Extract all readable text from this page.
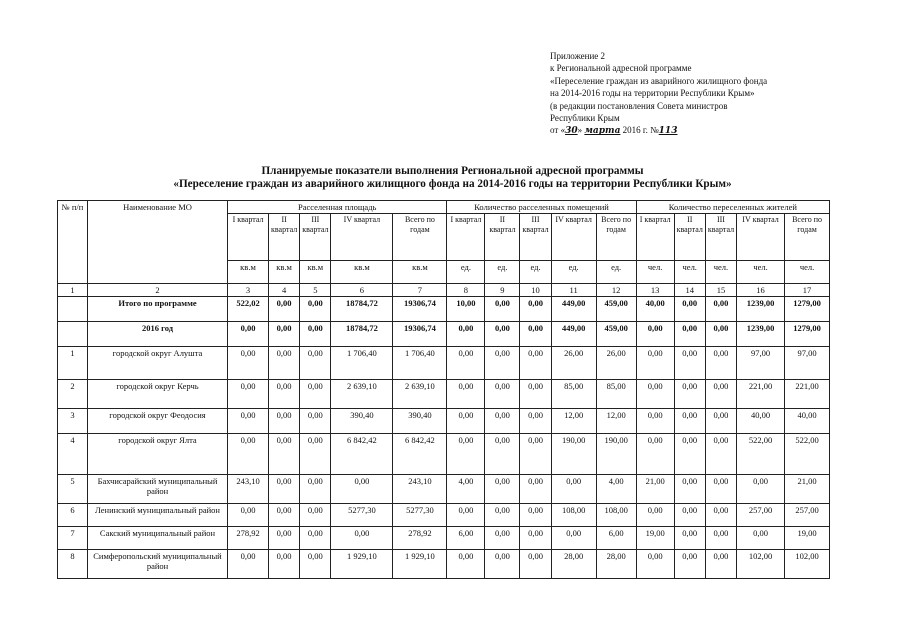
Приложение 2
к Региональной адресной программе
«Переселение граждан из аварийного жилищного фонда
на 2014-2016 годы на территории Республики Крым»
(в редакции постановления Совета министров
Республики Крым
от «30» марта 2016 г. №113
Планируемые показатели выполнения Региональной адресной программы
«Переселение граждан из аварийного жилищного фонда на 2014-2016 годы на территории Республики Крым»
№ п/п	Наименование МО	Расселенная площадь					Количество расселенных помещений					Количество переселенных жителей				
		I квартал	II квартал	III квартал	IV квартал	Всего по годам	I квартал	II квартал	III квартал	IV квартал	Всего по годам	I квартал	II квартал	III квартал	IV квартал	Всего по годам
		кв.м	кв.м	кв.м	кв.м	кв.м	ед.	ед.	ед.	ед.	ед.	чел.	чел.	чел.	чел.	чел.
1	2	3	4	5	6	7	8	9	10	11	12	13	14	15	16	17
	Итого по программе	522,02	0,00	0,00	18784,72	19306,74	10,00	0,00	0,00	449,00	459,00	40,00	0,00	0,00	1239,00	1279,00
	2016 год	0,00	0,00	0,00	18784,72	19306,74	0,00	0,00	0,00	449,00	459,00	0,00	0,00	0,00	1239,00	1279,00
1	городской округ Алушта	0,00	0,00	0,00	1 706,40	1 706,40	0,00	0,00	0,00	26,00	26,00	0,00	0,00	0,00	97,00	97,00
2	городской округ Керчь	0,00	0,00	0,00	2 639,10	2 639,10	0,00	0,00	0,00	85,00	85,00	0,00	0,00	0,00	221,00	221,00
3	городской округ Феодосия	0,00	0,00	0,00	390,40	390,40	0,00	0,00	0,00	12,00	12,00	0,00	0,00	0,00	40,00	40,00
4	городской округ Ялта	0,00	0,00	0,00	6 842,42	6 842,42	0,00	0,00	0,00	190,00	190,00	0,00	0,00	0,00	522,00	522,00
5	Бахчисарайский муниципальный район	243,10	0,00	0,00	0,00	243,10	4,00	0,00	0,00	0,00	4,00	21,00	0,00	0,00	0,00	21,00
6	Ленинский муниципальный район	0,00	0,00	0,00	5277,30	5277,30	0,00	0,00	0,00	108,00	108,00	0,00	0,00	0,00	257,00	257,00
7	Сакский муниципальный район	278,92	0,00	0,00	0,00	278,92	6,00	0,00	0,00	0,00	6,00	19,00	0,00	0,00	0,00	19,00
8	Симферопольский муниципальный район	0,00	0,00	0,00	1 929,10	1 929,10	0,00	0,00	0,00	28,00	28,00	0,00	0,00	0,00	102,00	102,00
